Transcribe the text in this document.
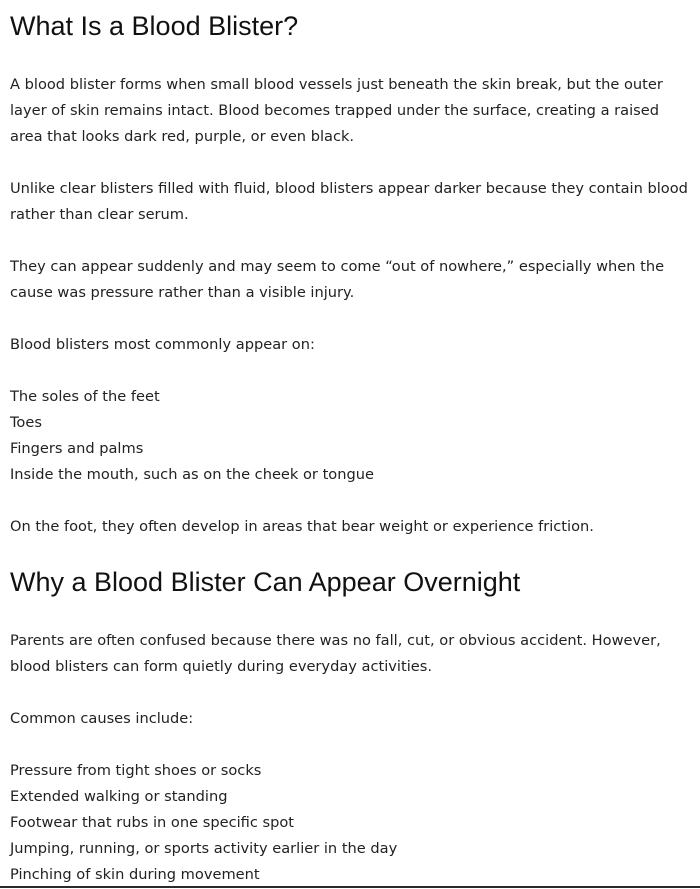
What Is a Blood Blister?

A blood blister forms when small blood vessels just beneath the skin break, but the outer layer of skin remains intact. Blood becomes trapped under the surface, creating a raised area that looks dark red, purple, or even black.

Unlike clear blisters filled with fluid, blood blisters appear darker because they contain blood rather than clear serum.

They can appear suddenly and may seem to come “out of nowhere,” especially when the cause was pressure rather than a visible injury.

Blood blisters most commonly appear on:

The soles of the feet
Toes
Fingers and palms
Inside the mouth, such as on the cheek or tongue

On the foot, they often develop in areas that bear weight or experience friction.

Why a Blood Blister Can Appear Overnight

Parents are often confused because there was no fall, cut, or obvious accident. However, blood blisters can form quietly during everyday activities.

Common causes include:

Pressure from tight shoes or socks
Extended walking or standing
Footwear that rubs in one specific spot
Jumping, running, or sports activity earlier in the day
Pinching of skin during movement
